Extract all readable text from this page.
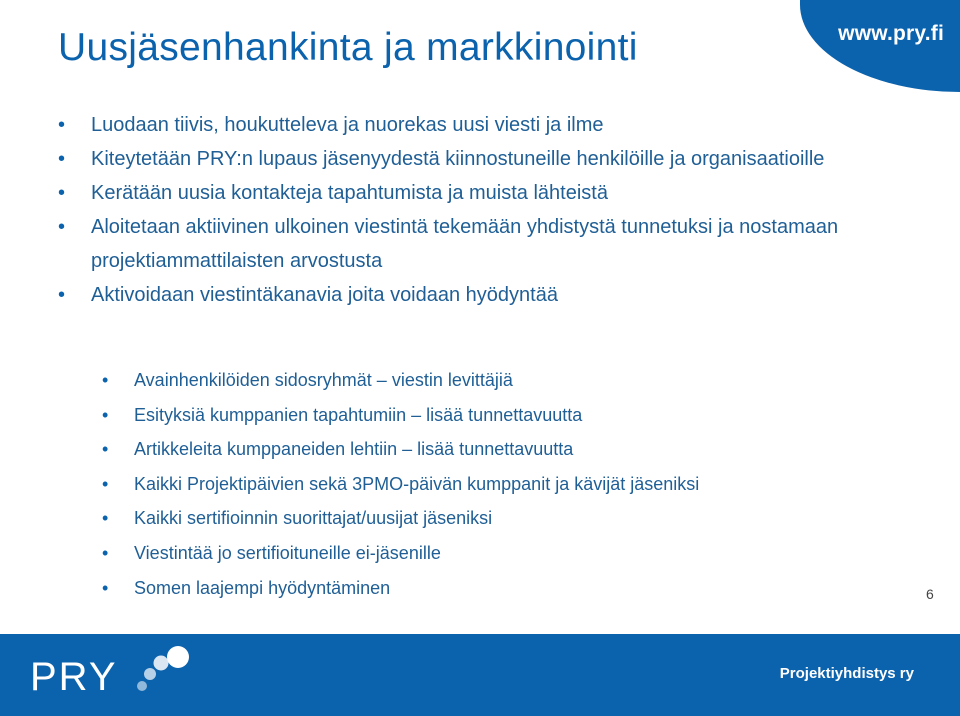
www.pry.fi
Uusjäsenhankinta ja markkinointi
• Luodaan tiivis, houkutteleva ja nuorekas uusi viesti ja ilme
• Kiteytetään PRY:n lupaus jäsenyydestä kiinnostuneille henkilöille ja organisaatioille
• Kerätään uusia kontakteja tapahtumista ja muista lähteistä
• Aloitetaan aktiivinen ulkoinen viestintä tekemään yhdistystä tunnetuksi ja nostamaan projektiammattilaisten arvostusta
• Aktivoidaan viestintäkanavia joita voidaan hyödyntää
• Avainhenkilöiden sidosryhmät – viestin levittäjiä
• Esityksiä kumppanien tapahtumiin – lisää tunnettavuutta
• Artikkeleita kumppaneiden lehtiin – lisää tunnettavuutta
• Kaikki Projektipäivien sekä 3PMO-päivän kumppanit ja kävijät jäseniksi
• Kaikki sertifioinnin suorittajat/uusijat jäseniksi
• Viestintää jo sertifioituneille ei-jäsenille
• Somen laajempi hyödyntäminen	6
PRY	Projektiyhdistys ry
